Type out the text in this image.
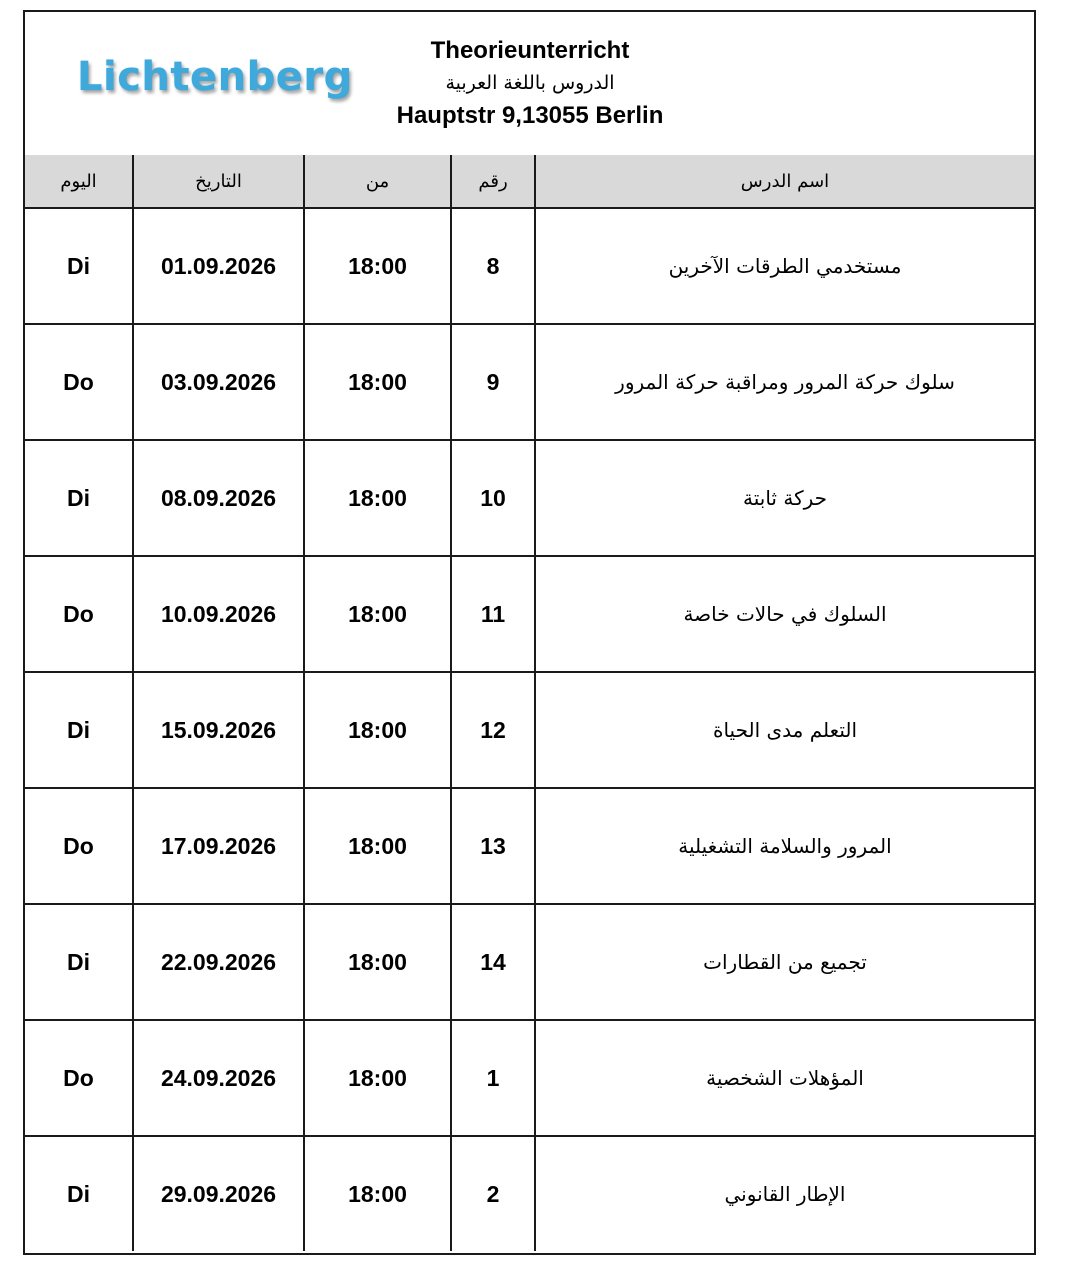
Lichtenberg
Theorieunterricht
الدروس باللغة العربية
Hauptstr 9,13055 Berlin
اليوم	التاريخ	من	رقم	اسم الدرس
Di	01.09.2026	18:00	8	مستخدمي الطرقات الآخرين
Do	03.09.2026	18:00	9	سلوك حركة المرور ومراقبة حركة المرور
Di	08.09.2026	18:00	10	حركة ثابتة
Do	10.09.2026	18:00	11	السلوك في حالات خاصة
Di	15.09.2026	18:00	12	التعلم مدى الحياة
Do	17.09.2026	18:00	13	المرور والسلامة التشغيلية
Di	22.09.2026	18:00	14	تجميع من القطارات
Do	24.09.2026	18:00	1	المؤهلات الشخصية
Di	29.09.2026	18:00	2	الإطار القانوني
